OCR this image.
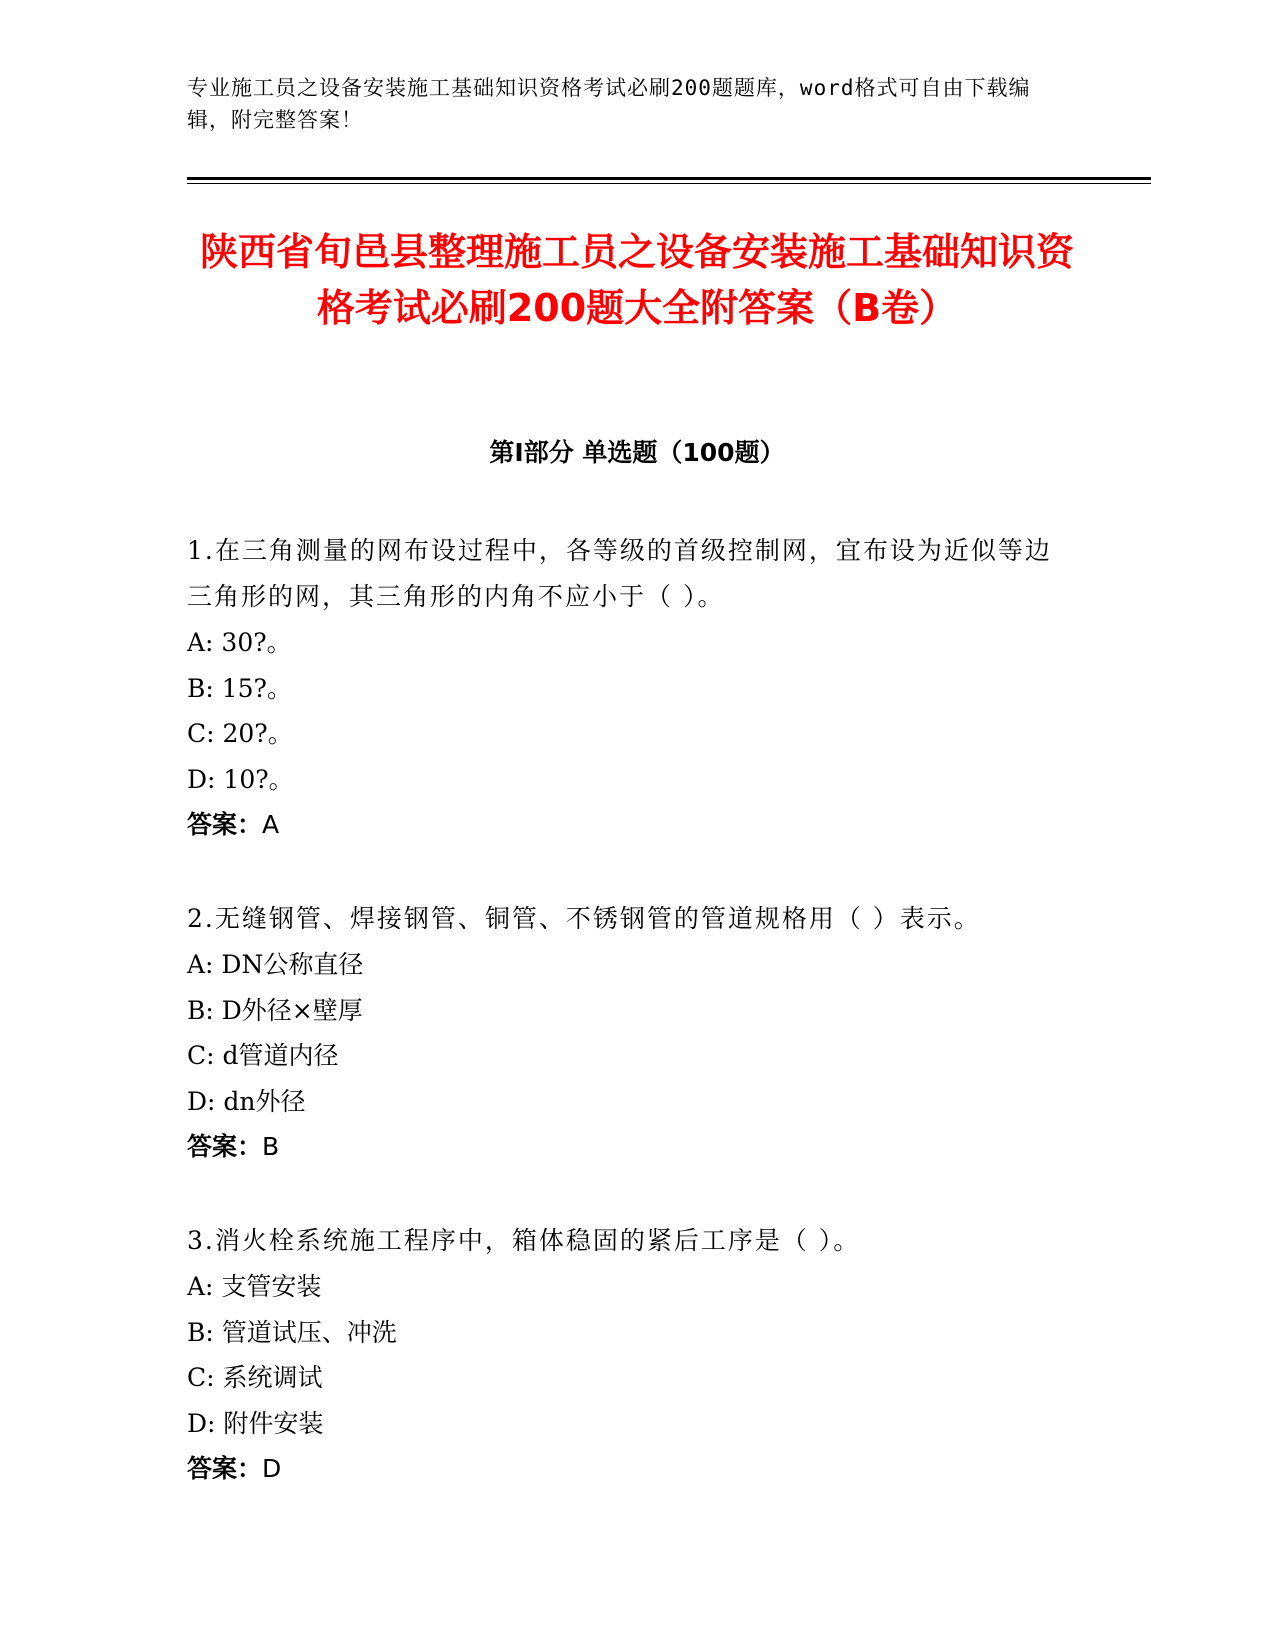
专业施工员之设备安装施工基础知识资格考试必刷200题题库，word格式可自由下载编辑，附完整答案！
陕西省旬邑县整理施工员之设备安装施工基础知识资格考试必刷200题大全附答案（B卷）
第Ⅰ部分 单选题（100题）
1.在三角测量的网布设过程中，各等级的首级控制网，宜布设为近似等边三角形的网，其三角形的内角不应小于（ ）。
A: 30?。
B: 15?。
C: 20?。
D: 10?。
答案：A
2.无缝钢管、焊接钢管、铜管、不锈钢管的管道规格用（ ）表示。
A: DN公称直径
B: D外径×壁厚
C: d管道内径
D: dn外径
答案：B
3.消火栓系统施工程序中，箱体稳固的紧后工序是（ ）。
A: 支管安装
B: 管道试压、冲洗
C: 系统调试
D: 附件安装
答案：D
